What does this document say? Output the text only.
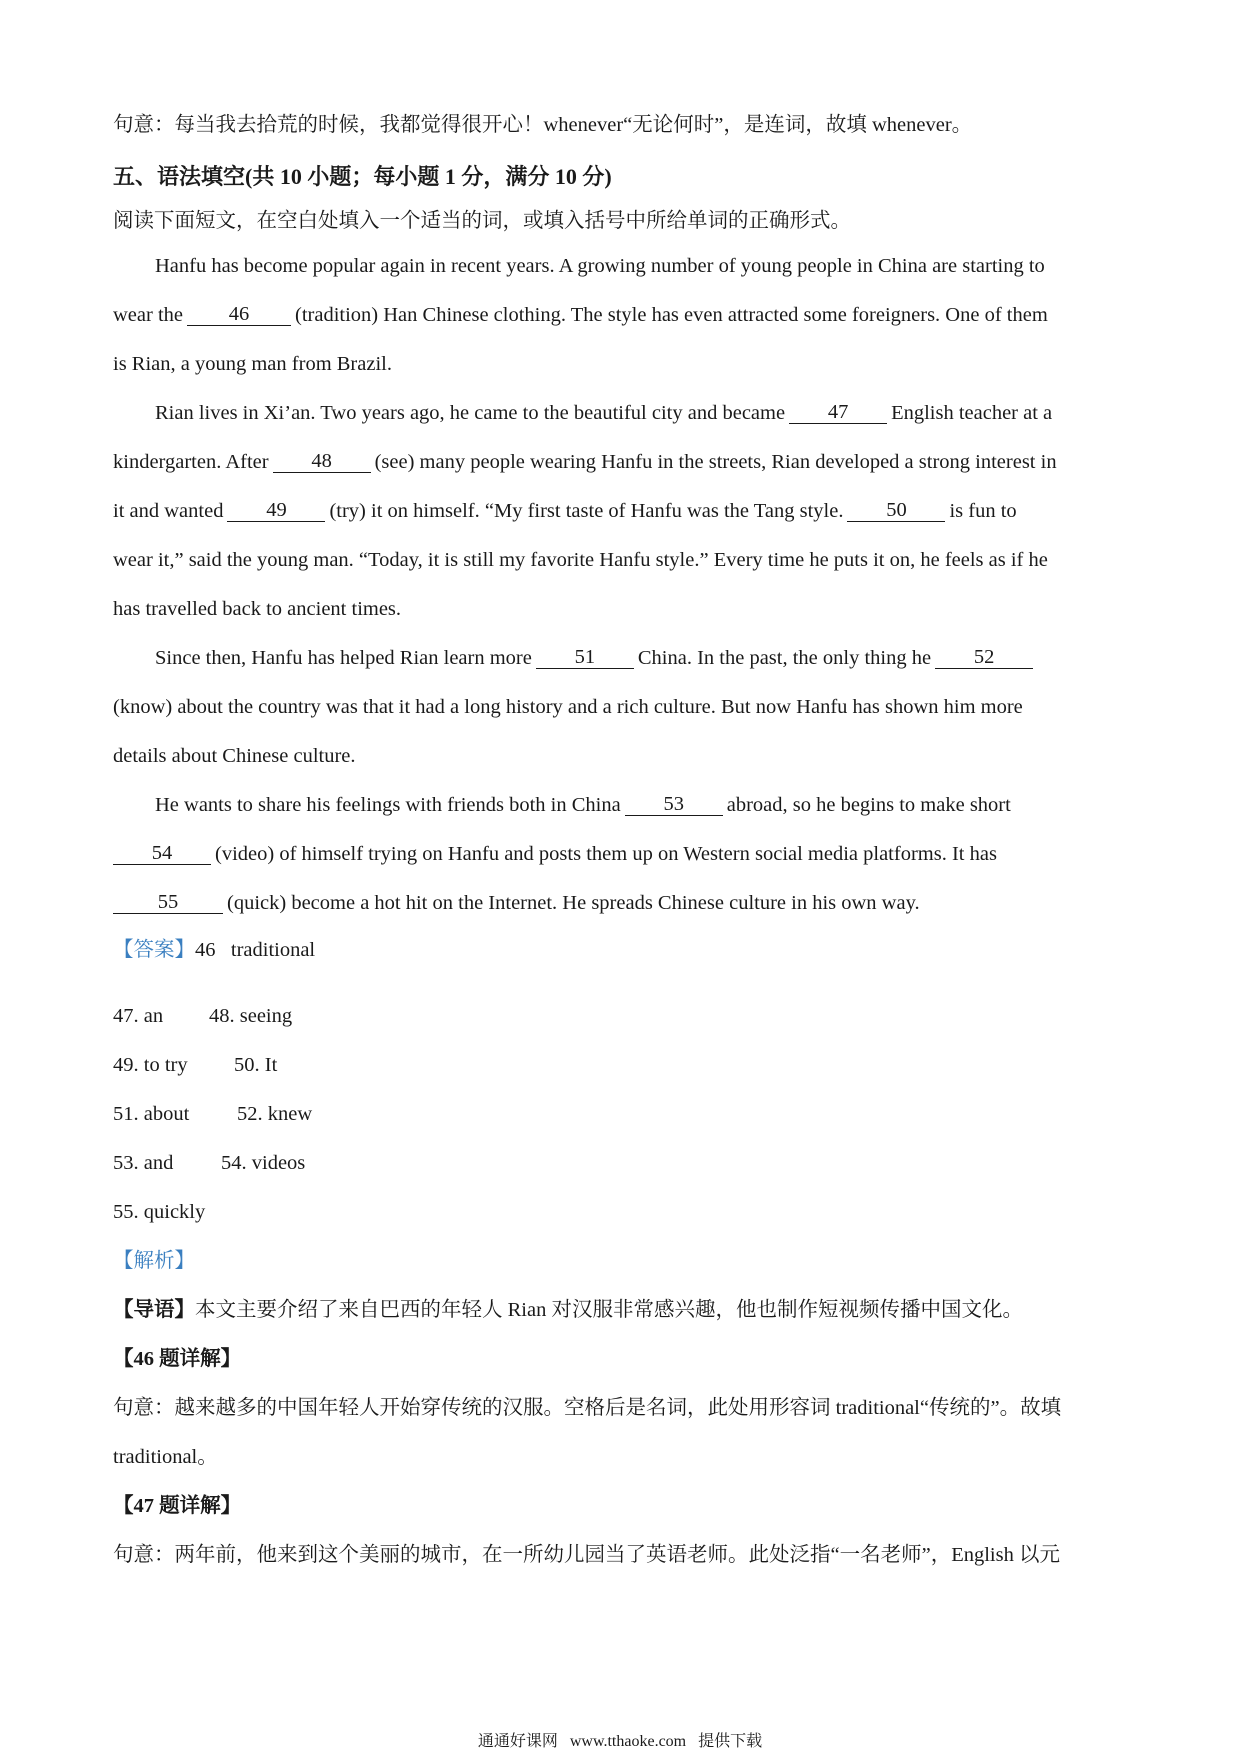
句意：每当我去拾荒的时候，我都觉得很开心！whenever“无论何时”，是连词，故填 whenever。
五、语法填空(共 10 小题；每小题 1 分，满分 10 分)
阅读下面短文，在空白处填入一个适当的词，或填入括号中所给单词的正确形式。
Hanfu has become popular again in recent years. A growing number of young people in China are starting to
wear the	46	(tradition) Han Chinese clothing. The style has even attracted some foreigners. One of them
is Rian, a young man from Brazil.
Rian lives in Xi’an. Two years ago, he came to the beautiful city and became	47	English teacher at a
kindergarten. After	48	(see) many people wearing Hanfu in the streets, Rian developed a strong interest in
it and wanted	49	(try) it on himself. “My first taste of Hanfu was the Tang style.	50	is fun to
wear it,” said the young man. “Today, it is still my favorite Hanfu style.” Every time he puts it on, he feels as if he
has travelled back to ancient times.
Since then, Hanfu has helped Rian learn more	51	China. In the past, the only thing he	52
(know) about the country was that it had a long history and a rich culture. But now Hanfu has shown him more
details about Chinese culture.
He wants to share his feelings with friends both in China	53	abroad, so he begins to make short
54	(video) of himself trying on Hanfu and posts them up on Western social media platforms. It has
55	(quick) become a hot hit on the Internet. He spreads Chinese culture in his own way.
【答案】 46   traditional
47. an	48. seeing
49. to try	50. It
51. about	52. knew
53. and	54. videos
55. quickly
【解析】
【导语】 本文主要介绍了来自巴西的年轻人 Rian 对汉服非常感兴趣，他也制作短视频传播中国文化。
【46 题详解】
句意：越来越多的中国年轻人开始穿传统的汉服。空格后是名词，此处用形容词 traditional“传统的”。故填
traditional。
【47 题详解】
句意：两年前，他来到这个美丽的城市，在一所幼儿园当了英语老师。此处泛指“一名老师”，English 以元
通通好课网   www.tthaoke.com   提供下载
